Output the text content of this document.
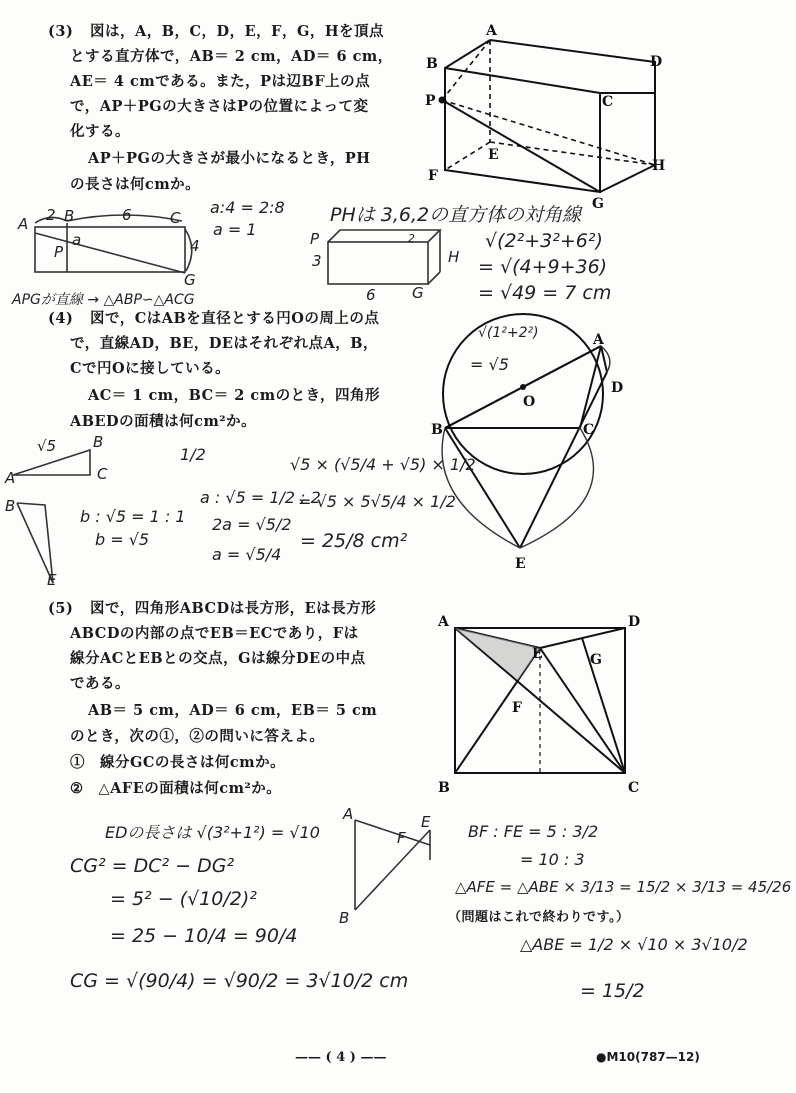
(3) 図は，A，B，C，D，E，F，G，Hを頂点
とする直方体で，AB＝ 2 cm，AD＝ 6 cm，
AE＝ 4 cmである。また，Pは辺BF上の点
で，AP＋PGの大きさはPの位置によって変
化する。
AP＋PGの大きさが最小になるとき，PH
の長さは何cmか。
A
B
C
D
E
F
G
H
P
A 2 B	6	C
a
P	4
G
APGが直線 → △ABP∽△ACG
a:4 = 2:8
a = 1
3
2
H
6 G
P
PHは 3,6,2の直方体の対角線
√(2²+3²+6²)
= √(4+9+36)
= √49 = 7 cm
(4) 図で，CはABを直径とする円Oの周上の点
で，直線AD，BE，DEはそれぞれ点A，B，
Cで円Oに接している。
AC＝ 1 cm，BC＝ 2 cmのとき，四角形
ABEDの面積は何cm²か。
A
B	C
D
E
O
√(1²+2²)
= √5
√5 B
A	C
B
E
b : √5 = 1 : 1
b = √5
1/2
a : √5 = 1/2 : 2
2a = √5/2
a = √5/4
√5 × (√5/4 + √5) × 1/2
= √5 × 5√5/4 × 1/2
= 25/8 cm²
(5) 図で，四角形ABCDは長方形，Eは長方形
ABCDの内部の点でEB＝ECであり，Fは
線分ACとEBとの交点，Gは線分DEの中点
である。
AB＝ 5 cm，AD＝ 6 cm，EB＝ 5 cm
のとき，次の①，②の問いに答えよ。
①　線分GCの長さは何cmか。
②　△AFEの面積は何cm²か。
A
B	C
D
E
F
G
EDの長さは √(3²+1²) = √10
CG² = DC² − DG²
= 5² − (√10/2)²
= 25 − 10/4 = 90/4
CG = √(90/4) = √90/2 = 3√10/2 cm
A
B
F
E BF : FE = 5 : 3/2
= 10 : 3
△AFE = △ABE × 3/13 = 15/2 × 3/13 = 45/26
（問題はこれで終わりです。）
△ABE = 1/2 × √10 × 3√10/2
= 15/2
—— ( 4 ) ——	●M10(787—12)
